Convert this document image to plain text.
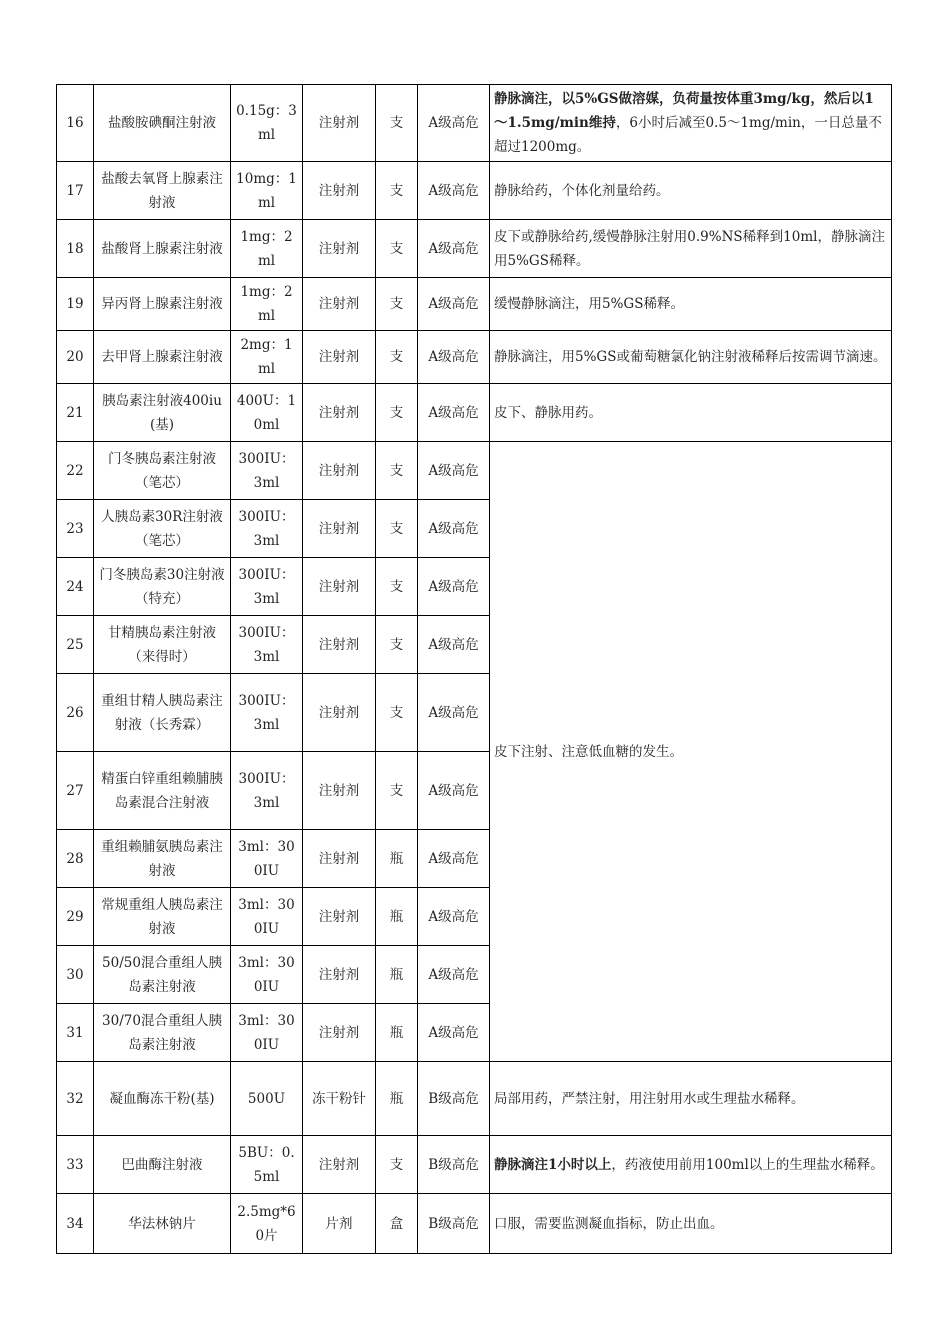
16	盐酸胺碘酮注射液	0.15g：3ml	注射剂	支	A级高危	静脉滴注，以5%GS做溶媒，负荷量按体重3mg/kg，然后以1～1.5mg/min维持，6小时后减至0.5～1mg/min，一日总量不超过1200mg。
17	盐酸去氧肾上腺素注射液	10mg：1ml	注射剂	支	A级高危	静脉给药，个体化剂量给药。
18	盐酸肾上腺素注射液	1mg：2ml	注射剂	支	A级高危	皮下或静脉给药,缓慢静脉注射用0.9%NS稀释到10ml，静脉滴注用5%GS稀释。
19	异丙肾上腺素注射液	1mg：2ml	注射剂	支	A级高危	缓慢静脉滴注，用5%GS稀释。
20	去甲肾上腺素注射液	2mg：1ml	注射剂	支	A级高危	静脉滴注，用5%GS或葡萄糖氯化钠注射液稀释后按需调节滴速。
21	胰岛素注射液400iu(基)	400U：10ml	注射剂	支	A级高危	皮下、静脉用药。
22	门冬胰岛素注射液（笔芯）	300IU：3ml	注射剂	支	A级高危	皮下注射、注意低血糖的发生。
23	人胰岛素30R注射液（笔芯）	300IU：3ml	注射剂	支	A级高危	
24	门冬胰岛素30注射液（特充）	300IU：3ml	注射剂	支	A级高危	
25	甘精胰岛素注射液（来得时）	300IU：3ml	注射剂	支	A级高危	
26	重组甘精人胰岛素注射液（长秀霖）	300IU：3ml	注射剂	支	A级高危	
27	精蛋白锌重组赖脯胰岛素混合注射液	300IU：3ml	注射剂	支	A级高危	
28	重组赖脯氨胰岛素注射液	3ml：300IU	注射剂	瓶	A级高危	
29	常规重组人胰岛素注射液	3ml：300IU	注射剂	瓶	A级高危	
30	50/50混合重组人胰岛素注射液	3ml：300IU	注射剂	瓶	A级高危	
31	30/70混合重组人胰岛素注射液	3ml：300IU	注射剂	瓶	A级高危	
32	凝血酶冻干粉(基)	500U	冻干粉针	瓶	B级高危	局部用药，严禁注射，用注射用水或生理盐水稀释。
33	巴曲酶注射液	5BU：0.5ml	注射剂	支	B级高危	静脉滴注1小时以上，药液使用前用100ml以上的生理盐水稀释。
34	华法林钠片	2.5mg*60片	片剂	盒	B级高危	口服，需要监测凝血指标，防止出血。
